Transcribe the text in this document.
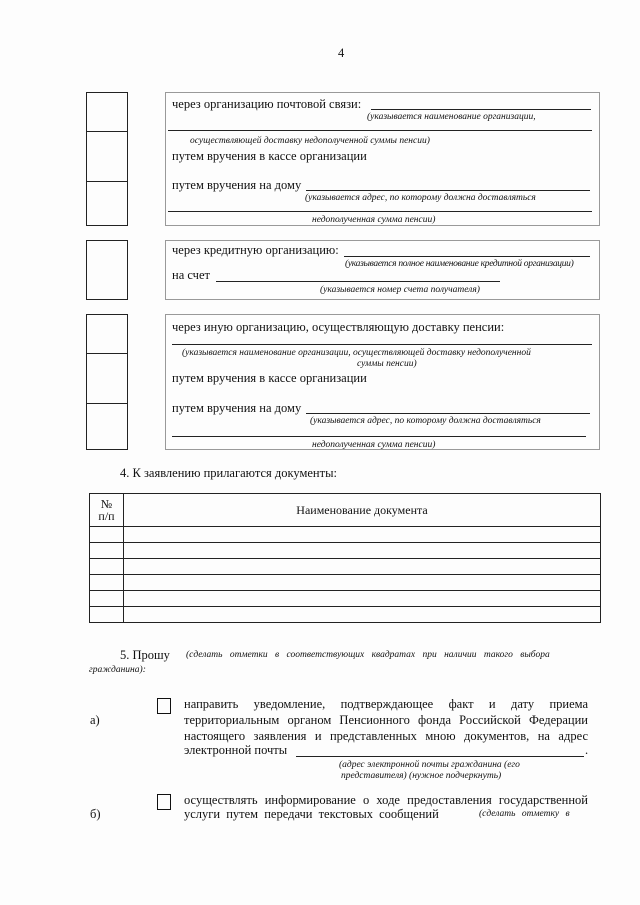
4
через организацию почтовой связи:
(указывается наименование организации,
осуществляющей доставку недополученной суммы пенсии)
путем вручения в кассе организации
путем вручения на дому
(указывается адрес, по которому должна доставляться
недополученная сумма пенсии)
через кредитную организацию:
(указывается полное наименование кредитной организации)
на счет
(указывается номер счета получателя)
через иную организацию, осуществляющую доставку пенсии:
(указывается наименование организации, осуществляющей доставку недополученной
суммы пенсии)
путем вручения в кассе организации
путем вручения на дому
(указывается адрес, по которому должна доставляться
недополученная сумма пенсии)
4. К заявлению прилагаются документы:
№
п/п	Наименование документа

5. Прошу (сделать отметки в соответствующих квадратах при наличии такого выбора
гражданина):
а)
направить уведомление, подтверждающее факт и дату приема
территориальным органом Пенсионного фонда Российской Федерации
настоящего заявления и представленных мною документов, на адрес
электронной почты	.
(адрес электронной почты гражданина (его
представителя) (нужное подчеркнуть)
б)
осуществлять информирование о ходе предоставления государственной
услуги путем передачи текстовых сообщений	(сделать отметку в
